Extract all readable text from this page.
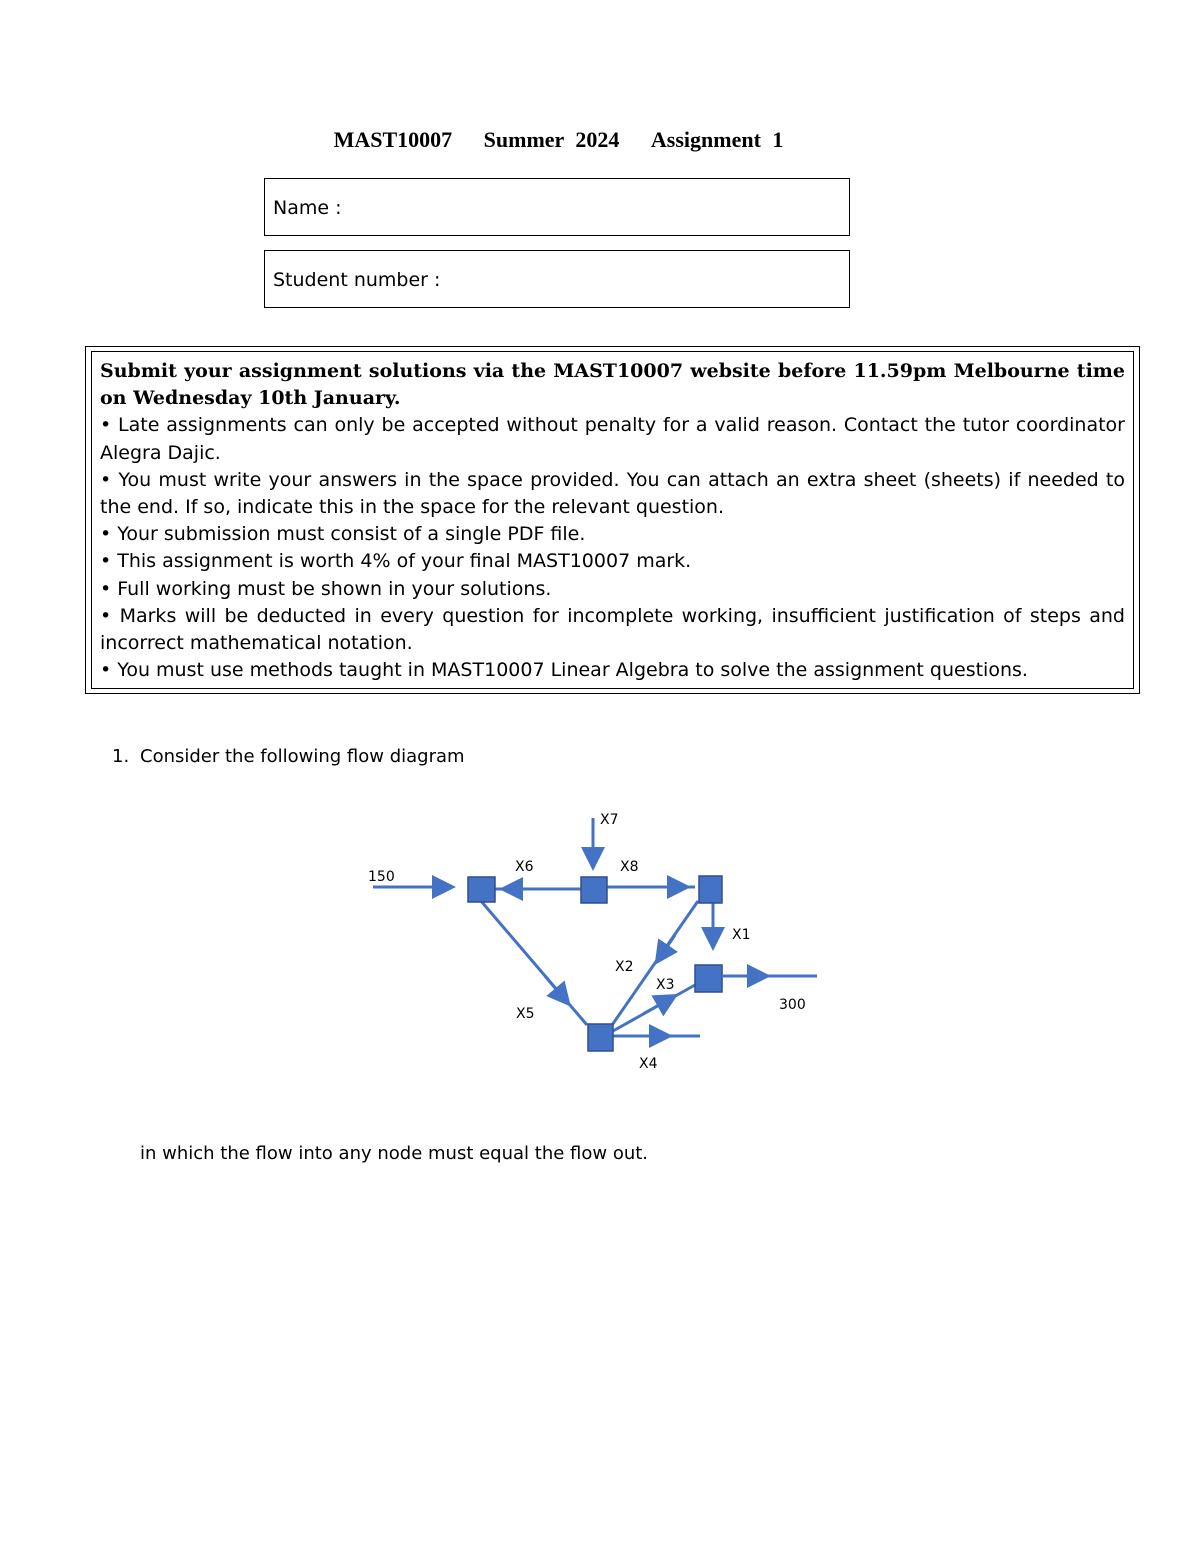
MAST10007 Summer 2024 Assignment 1
Name :
Student number :

Submit your assignment solutions via the MAST10007 website before 11.59pm Melbourne time on Wednesday 10th January.

• Late assignments can only be accepted without penalty for a valid reason. Contact the tutor coordinator Alegra Dajic.

• You must write your answers in the space provided. You can attach an extra sheet (sheets) if needed to the end. If so, indicate this in the space for the relevant question.

• Your submission must consist of a single PDF file.

• This assignment is worth 4% of your final MAST10007 mark.

• Full working must be shown in your solutions.

• Marks will be deducted in every question for incomplete working, insufficient justification of steps and incorrect mathematical notation.

• You must use methods taught in MAST10007 Linear Algebra to solve the assignment questions.

1. Consider the following flow diagram
150
X6
X7
X8
X1
X2
X3
300
X5
X4
in which the flow into any node must equal the flow out.
